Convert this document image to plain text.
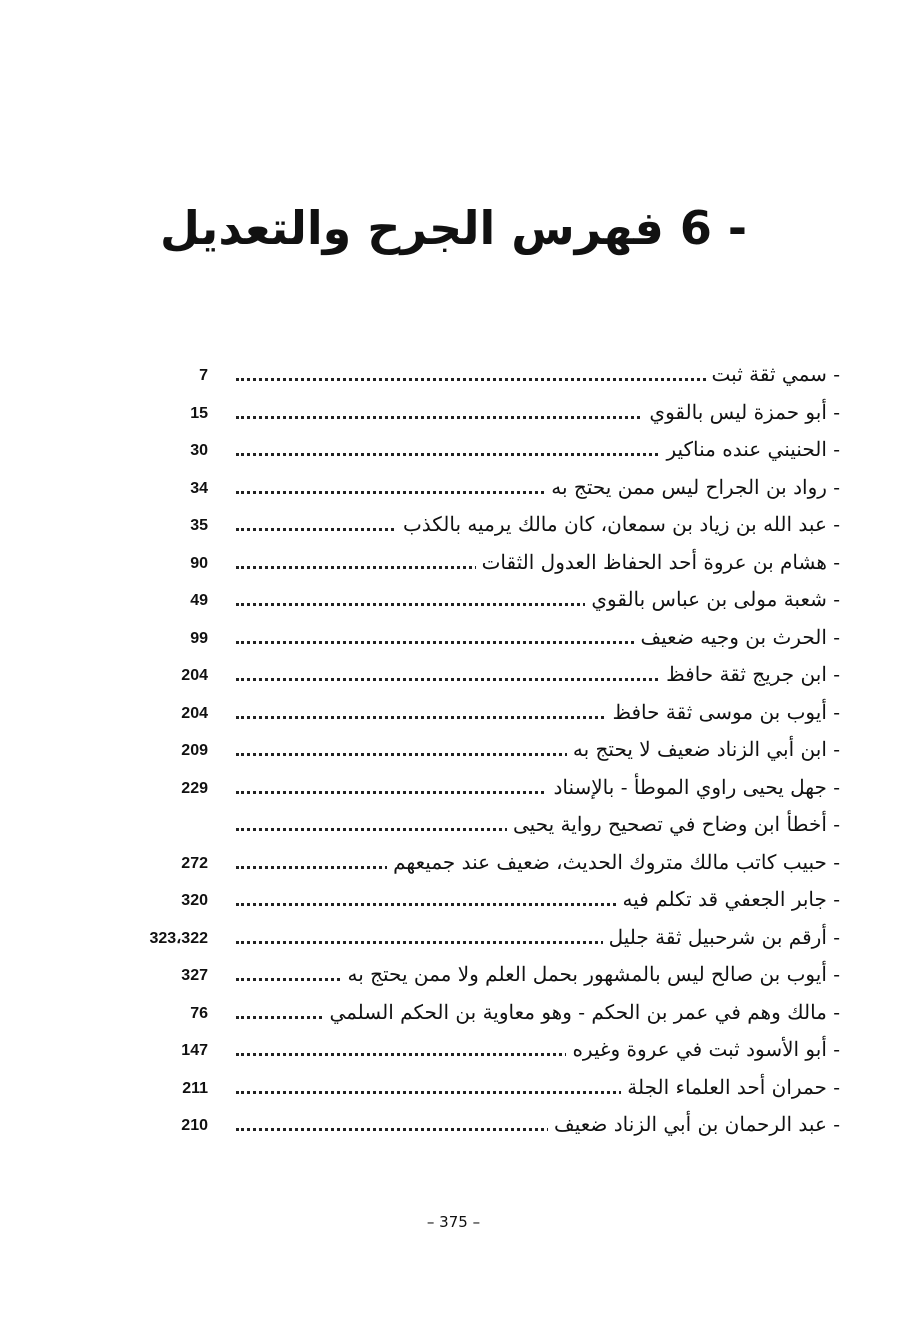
6 - فهرس الجرح والتعديل
- سمي ثقة ثبت
7
- أبو حمزة ليس بالقوي
15
- الحنيني عنده مناكير
30
- رواد بن الجراح ليس ممن يحتج به
34
- عبد الله بن زياد بن سمعان، كان مالك يرميه بالكذب
35
- هشام بن عروة أحد الحفاظ العدول الثقات
90
- شعبة مولى بن عباس بالقوي
49
- الحرث بن وجيه ضعيف
99
- ابن جريج ثقة حافظ
204
- أيوب بن موسى ثقة حافظ
204
- ابن أبي الزناد ضعيف لا يحتج به
209
- جهل يحيى راوي الموطأ - بالإسناد
229
- أخطأ ابن وضاح في تصحيح رواية يحيى
- حبيب كاتب مالك متروك الحديث، ضعيف عند جميعهم
272
- جابر الجعفي قد تكلم فيه
320
- أرقم بن شرحبيل ثقة جليل
323،322
- أيوب بن صالح ليس بالمشهور بحمل العلم ولا ممن يحتج به
327
- مالك وهم في عمر بن الحكم - وهو معاوية بن الحكم السلمي
76
- أبو الأسود ثبت في عروة وغيره
147
- حمران أحد العلماء الجلة
211
- عبد الرحمان بن أبي الزناد ضعيف
210
– 375 –
